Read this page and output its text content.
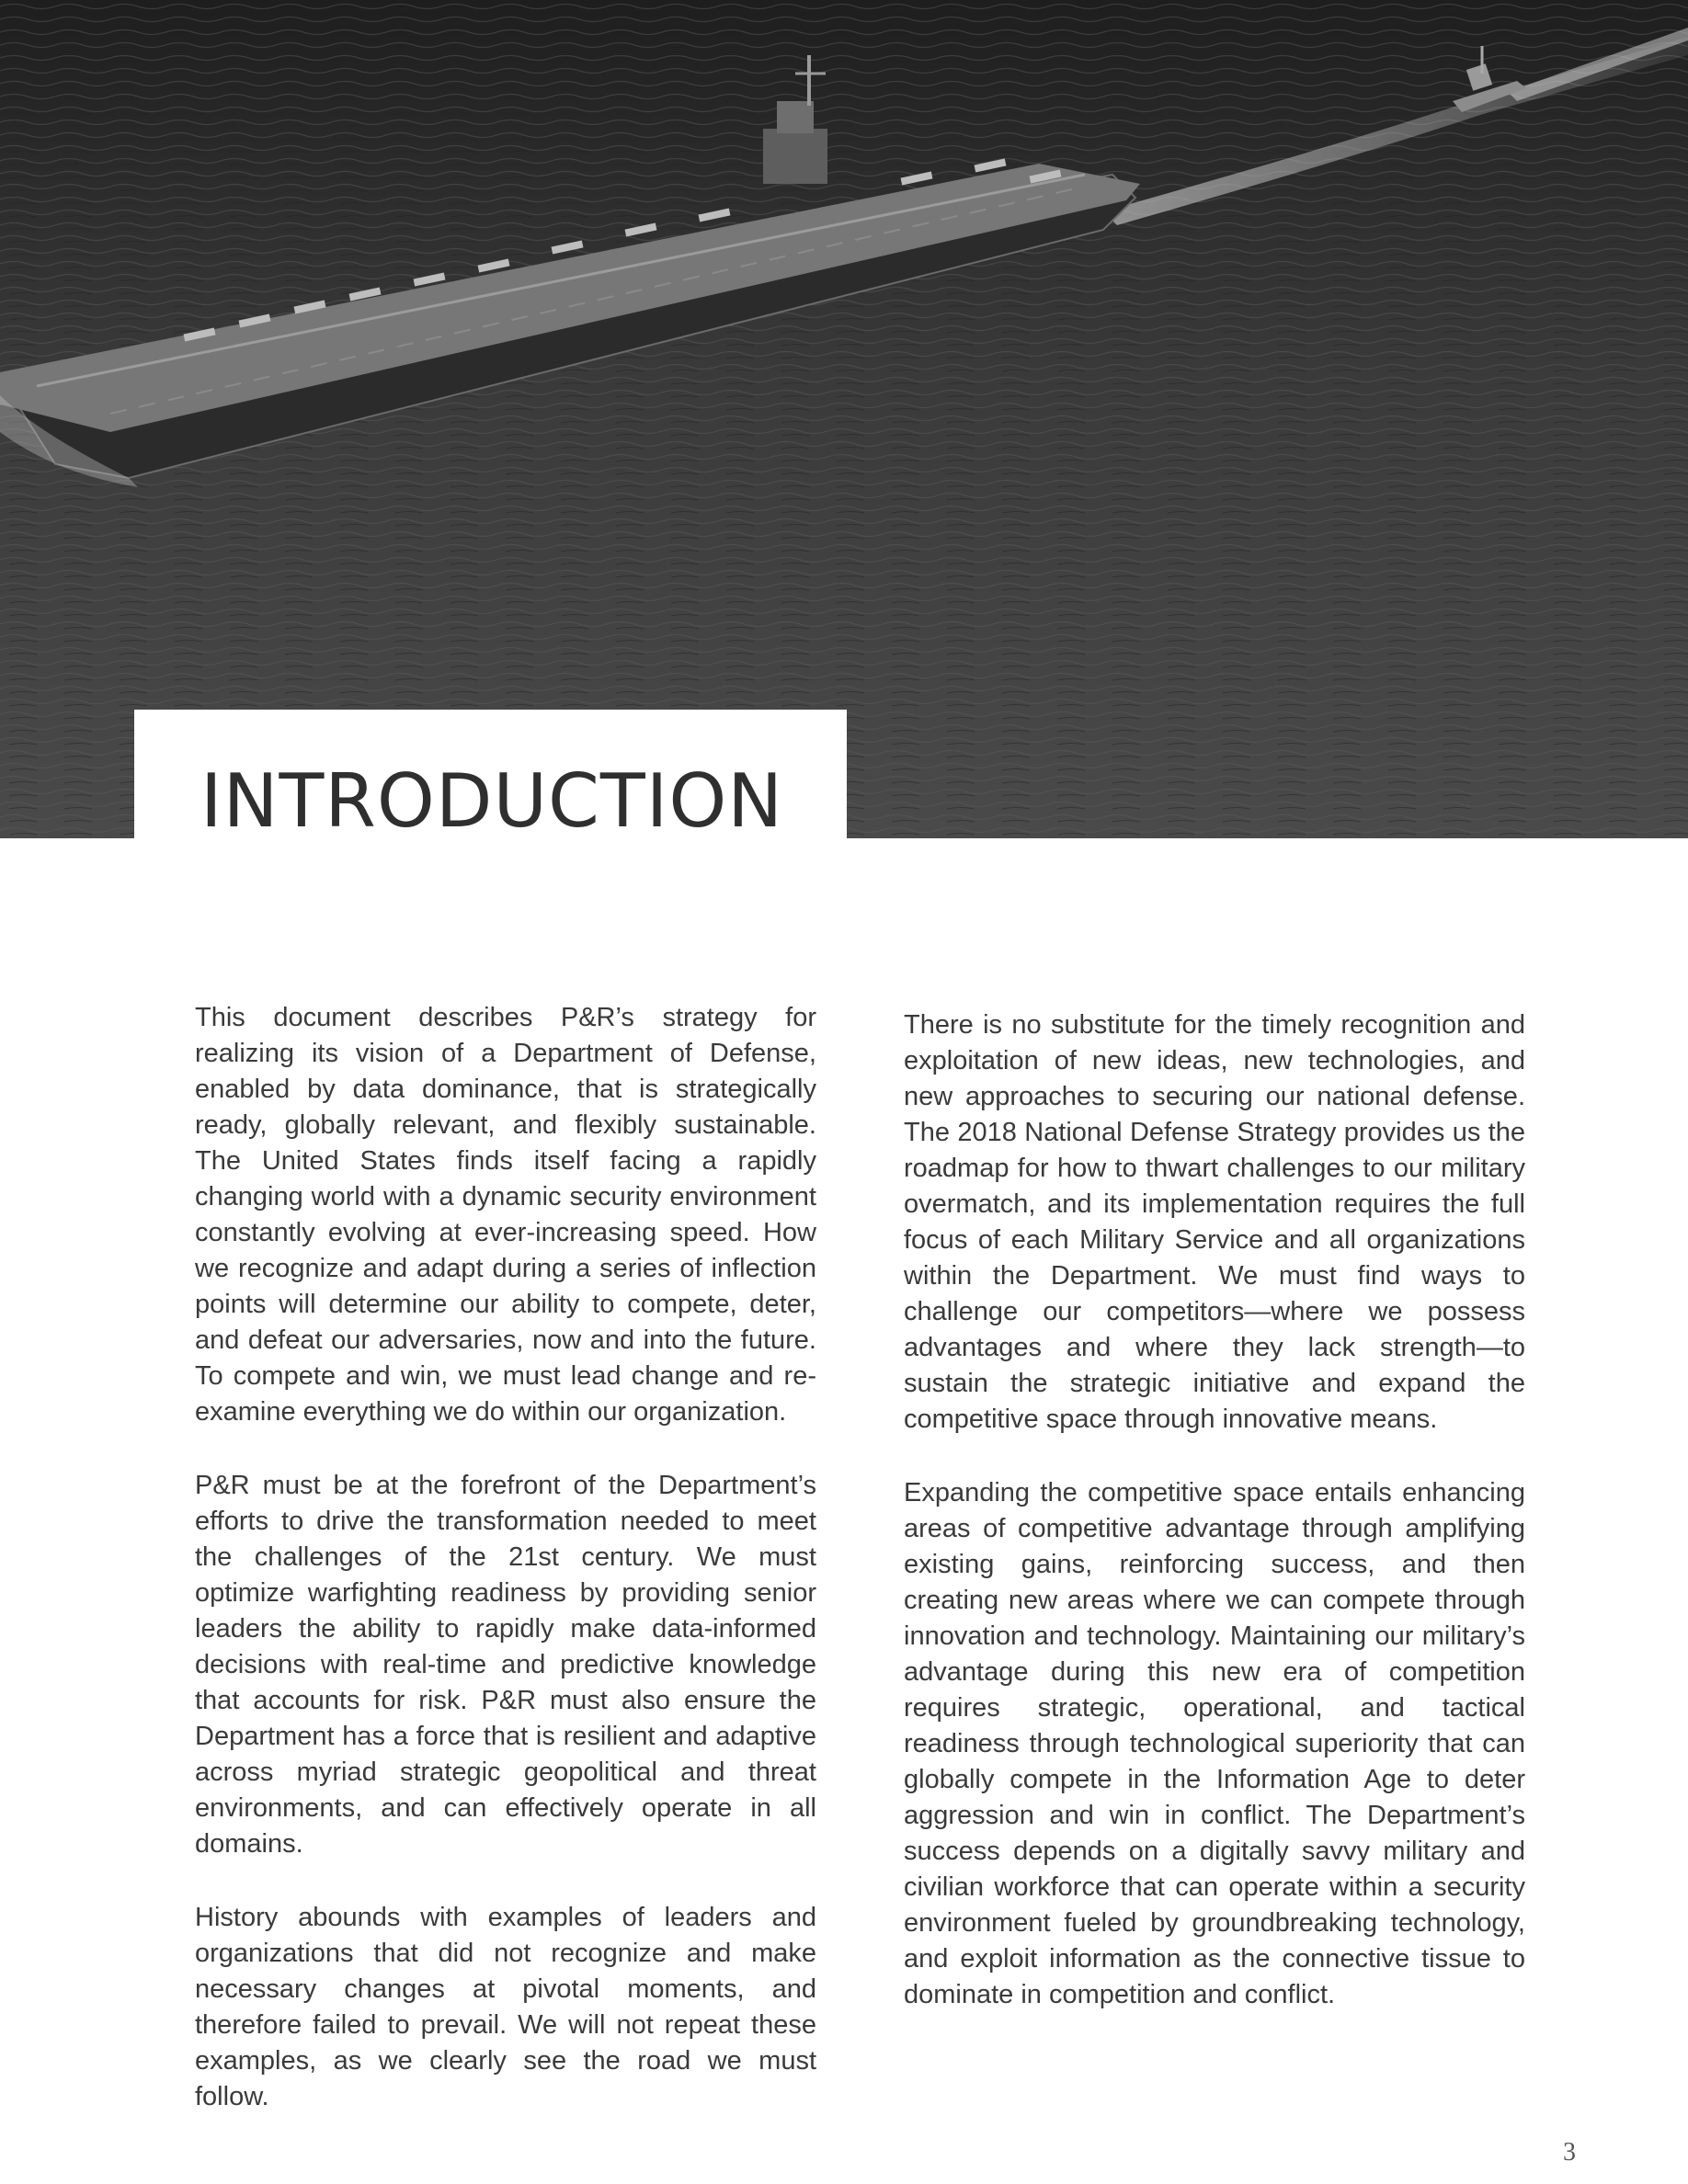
INTRODUCTION

This document describes P&R’s strategy for realizing its vision of a Department of Defense, enabled by data dominance, that is strategically ready, globally relevant, and flexibly sustainable. The United States finds itself facing a rapidly changing world with a dynamic security environment constantly evolving at ever-increasing speed. How we recognize and adapt during a series of inflection points will determine our ability to compete, deter, and defeat our adversaries, now and into the future. To compete and win, we must lead change and re-examine everything we do within our organization.

P&R must be at the forefront of the Department’s efforts to drive the transformation needed to meet the challenges of the 21st century. We must optimize warfighting readiness by providing senior leaders the ability to rapidly make data-informed decisions with real-time and predictive knowledge that accounts for risk. P&R must also ensure the Department has a force that is resilient and adaptive across myriad strategic geopolitical and threat environments, and can effectively operate in all domains.

History abounds with examples of leaders and organizations that did not recognize and make necessary changes at pivotal moments, and therefore failed to prevail. We will not repeat these examples, as we clearly see the road we must follow.

There is no substitute for the timely recognition and exploitation of new ideas, new technologies, and new approaches to securing our national defense. The 2018 National Defense Strategy provides us the roadmap for how to thwart challenges to our military overmatch, and its implementation requires the full focus of each Military Service and all organizations within the Department. We must find ways to challenge our competitors—where we possess advantages and where they lack strength—to sustain the strategic initiative and expand the competitive space through innovative means.

Expanding the competitive space entails enhancing areas of competitive advantage through amplifying existing gains, reinforcing success, and then creating new areas where we can compete through innovation and technology. Maintaining our military’s advantage during this new era of competition requires strategic, operational, and tactical readiness through technological superiority that can globally compete in the Information Age to deter aggression and win in conflict. The Department’s success depends on a digitally savvy military and civilian workforce that can operate within a security environment fueled by groundbreaking technology, and exploit information as the connective tissue to dominate in competition and conflict.

3
